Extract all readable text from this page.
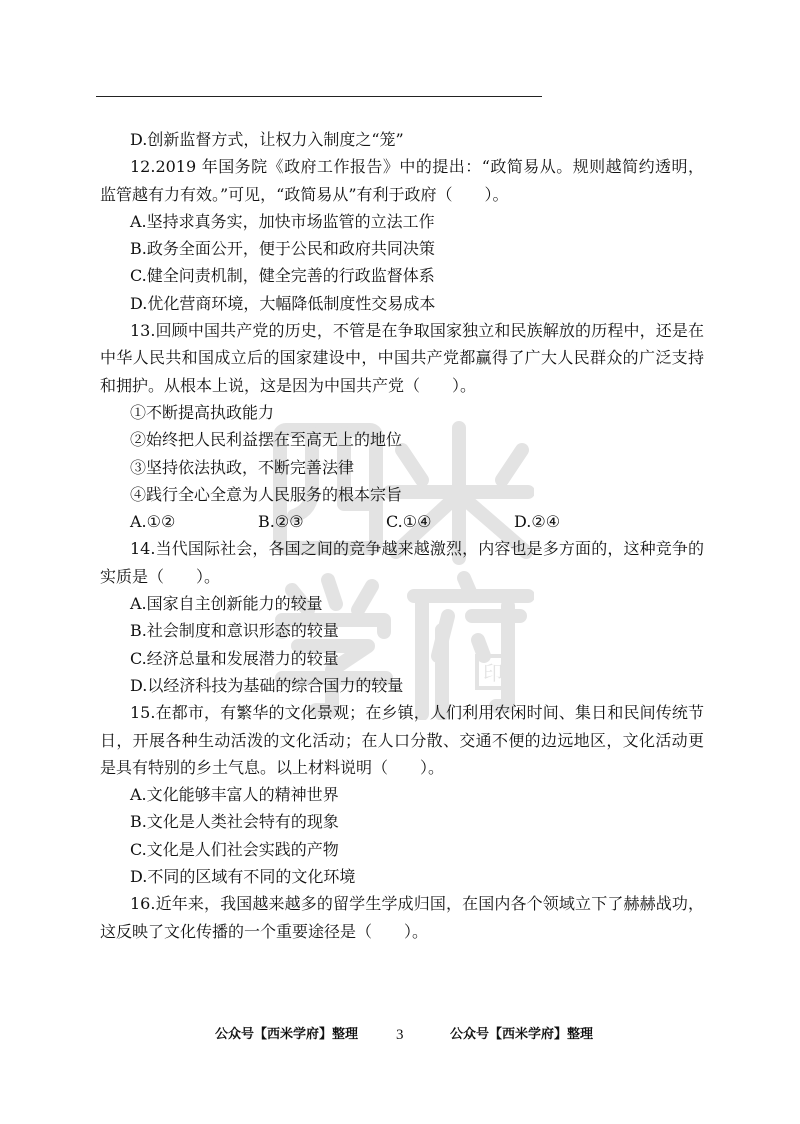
印

D.创新监督方式，让权力入制度之“笼”

12.2019 年国务院《政府工作报告》中的提出：“政简易从。规则越简约透明，监管越有力有效。”可见，“政简易从”有利于政府（　　）。

A.坚持求真务实，加快市场监管的立法工作

B.政务全面公开，便于公民和政府共同决策

C.健全问责机制，健全完善的行政监督体系

D.优化营商环境，大幅降低制度性交易成本

13.回顾中国共产党的历史，不管是在争取国家独立和民族解放的历程中，还是在中华人民共和国成立后的国家建设中，中国共产党都赢得了广大人民群众的广泛支持和拥护。从根本上说，这是因为中国共产党（　　）。

①不断提高执政能力

②始终把人民利益摆在至高无上的地位

③坚持依法执政，不断完善法律

④践行全心全意为人民服务的根本宗旨

A.①②	B.②③	C.①④	D.②④

14.当代国际社会，各国之间的竞争越来越激烈，内容也是多方面的，这种竞争的实质是（　　）。

A.国家自主创新能力的较量

B.社会制度和意识形态的较量

C.经济总量和发展潜力的较量

D.以经济科技为基础的综合国力的较量

15.在都市，有繁华的文化景观；在乡镇，人们利用农闲时间、集日和民间传统节日，开展各种生动活泼的文化活动；在人口分散、交通不便的边远地区，文化活动更是具有特别的乡土气息。以上材料说明（　　）。

A.文化能够丰富人的精神世界

B.文化是人类社会特有的现象

C.文化是人们社会实践的产物

D.不同的区域有不同的文化环境

16.近年来，我国越来越多的留学生学成归国，在国内各个领域立下了赫赫战功，这反映了文化传播的一个重要途径是（　　）。

公众号【西米学府】整理	3	公众号【西米学府】整理
